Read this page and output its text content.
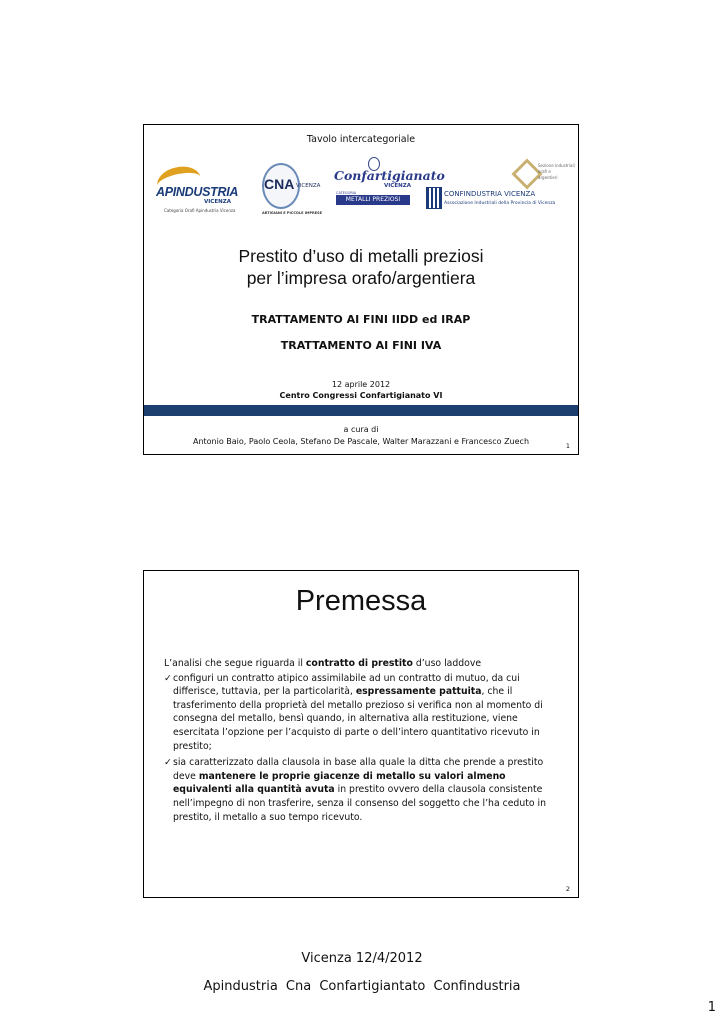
Tavolo intercategoriale
APINDUSTRIA
VICENZA
Categoria Orafi Apindustria Vicenza
CNA VICENZA
ARTIGIANI E PICCOLE IMPRESE
Confartigianato
VICENZA
CATEGORIA
METALLI PREZIOSI
Sezione industriali
orafi e
argentieri
CONFINDUSTRIA VICENZA
Associazione Industriali della Provincia di Vicenza
Prestito d’uso di metalli preziosi
per l’impresa orafo/argentiera
TRATTAMENTO AI FINI IIDD ed IRAP
TRATTAMENTO AI FINI IVA
12 aprile 2012
Centro Congressi Confartigianato VI
a cura di
Antonio Baio, Paolo Ceola, Stefano De Pascale, Walter Marazzani e Francesco Zuech	1
Premessa

L’analisi che segue riguarda il contratto di prestito d’uso laddove

✓ configuri un contratto atipico assimilabile ad un contratto di mutuo, da cui differisce, tuttavia, per la particolarità, espressamente pattuita, che il trasferimento della proprietà del metallo prezioso si verifica non al momento di consegna del metallo, bensì quando, in alternativa alla restituzione, viene esercitata l’opzione per l’acquisto di parte o dell’intero quantitativo ricevuto in prestito;
✓ sia caratterizzato dalla clausola in base alla quale la ditta che prende a prestito deve mantenere le proprie giacenze di metallo su valori almeno equivalenti alla quantità avuta in prestito ovvero della clausola consistente nell’impegno di non trasferire, senza il consenso del soggetto che l’ha ceduto in prestito, il metallo a suo tempo ricevuto.
2
Vicenza 12/4/2012
Apindustria Cna Confartigiantato Confindustria
1
